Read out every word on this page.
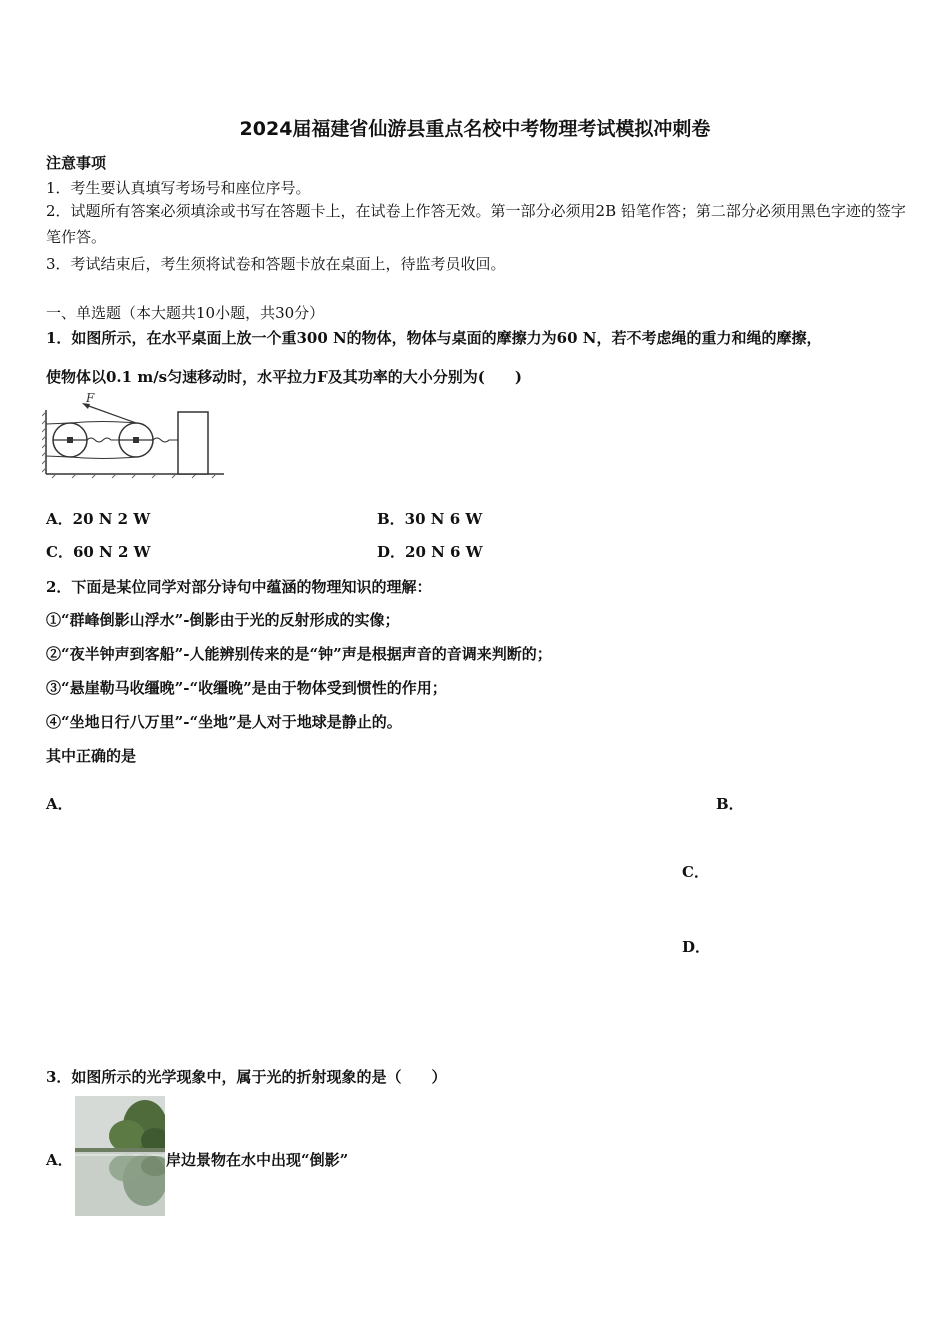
2024届福建省仙游县重点名校中考物理考试模拟冲刺卷
注意事项
1．考生要认真填写考场号和座位序号。
2．试题所有答案必须填涂或书写在答题卡上，在试卷上作答无效。第一部分必须用2B 铅笔作答；第二部分必须用黑色字迹的签字笔作答。
3．考试结束后，考生须将试卷和答题卡放在桌面上，待监考员收回。
一、单选题（本大题共10小题，共30分）
1．如图所示，在水平桌面上放一个重300 N的物体，物体与桌面的摩擦力为60 N，若不考虑绳的重力和绳的摩擦，
使物体以0.1 m/s匀速移动时，水平拉力F及其功率的大小分别为(　　)
F
A．20 N 2 W	B．30 N 6 W
C．60 N 2 W	D．20 N 6 W
2．下面是某位同学对部分诗句中蕴涵的物理知识的理解：
①“群峰倒影山浮水”-倒影由于光的反射形成的实像；
②“夜半钟声到客船”-人能辨别传来的是“钟”声是根据声音的音调来判断的；
③“悬崖勒马收缰晚”-“收缰晚”是由于物体受到惯性的作用；
④“坐地日行八万里”-“坐地”是人对于地球是静止的。
其中正确的是
A．	B．
C．
D．
3．如图所示的光学现象中，属于光的折射现象的是（　　）
A．	岸边景物在水中出现“倒影”
